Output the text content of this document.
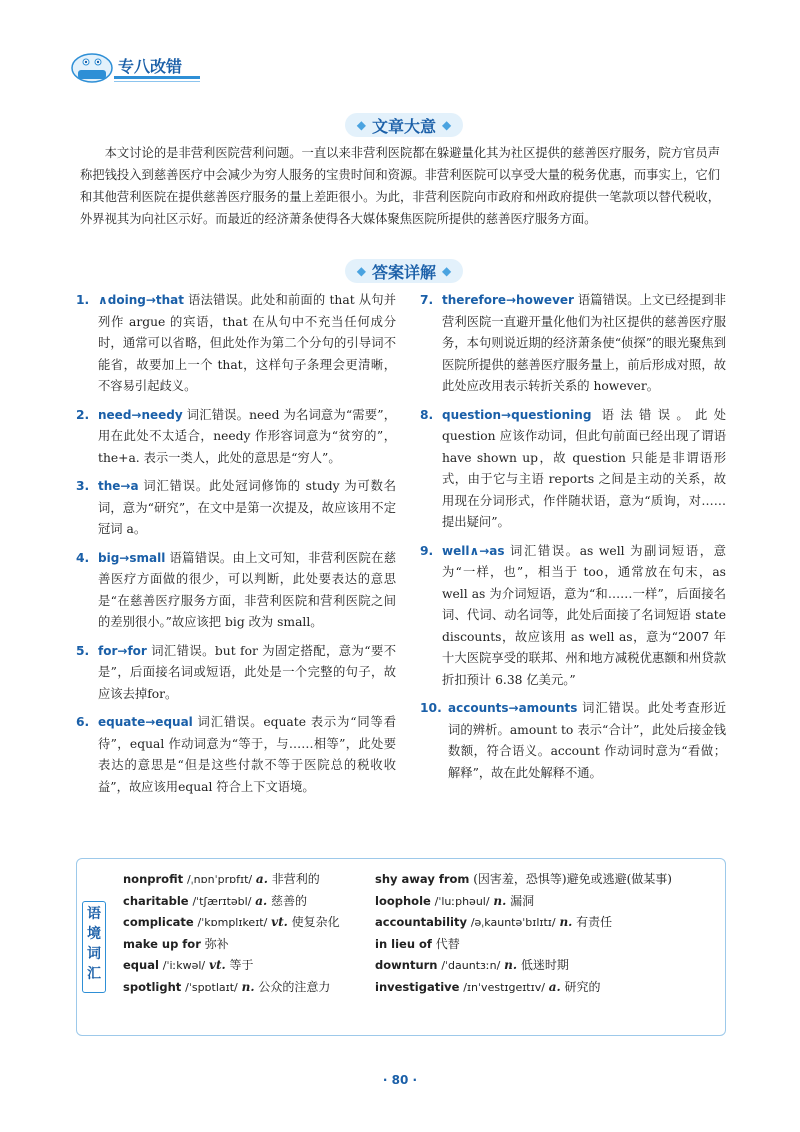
专八改错
◆ 文章大意 ◆
本文讨论的是非营利医院营利问题。一直以来非营利医院都在躲避量化其为社区提供的慈善医疗服务，院方官员声称把钱投入到慈善医疗中会减少为穷人服务的宝贵时间和资源。非营利医院可以享受大量的税务优惠，而事实上，它们和其他营利医院在提供慈善医疗服务的量上差距很小。为此，非营利医院向市政府和州政府提供一笔款项以替代税收，外界视其为向社区示好。而最近的经济萧条使得各大媒体聚焦医院所提供的慈善医疗服务方面。
◆ 答案详解 ◆
1. ∧doing→that 语法错误。此处和前面的 that 从句并列作 argue 的宾语，that 在从句中不充当任何成分时，通常可以省略，但此处作为第二个分句的引导词不能省，故要加上一个 that，这样句子条理会更清晰，不容易引起歧义。
2. need→needy 词汇错误。need 为名词意为“需要”，用在此处不太适合，needy 作形容词意为“贫穷的”，the+a. 表示一类人，此处的意思是“穷人”。
3. the→a 词汇错误。此处冠词修饰的 study 为可数名词，意为“研究”，在文中是第一次提及，故应该用不定冠词 a。
4. big→small 语篇错误。由上文可知，非营利医院在慈善医疗方面做的很少，可以判断，此处要表达的意思是“在慈善医疗服务方面，非营利医院和营利医院之间的差别很小。”故应该把 big 改为 small。
5. for→for 词汇错误。but for 为固定搭配，意为“要不是”，后面接名词或短语，此处是一个完整的句子，故应该去掉for。
6. equate→equal 词汇错误。equate 表示为“同等看待”，equal 作动词意为“等于，与……相等”，此处要表达的意思是“但是这些付款不等于医院总的税收收益”，故应该用equal 符合上下文语境。
7. therefore→however 语篇错误。上文已经提到非营利医院一直避开量化他们为社区提供的慈善医疗服务，本句则说近期的经济萧条使“侦探”的眼光聚焦到医院所提供的慈善医疗服务量上，前后形成对照，故此处应改用表示转折关系的 however。
8. question→questioning 语法错误。此处 question 应该作动词，但此句前面已经出现了谓语 have shown up，故 question 只能是非谓语形式，由于它与主语 reports 之间是主动的关系，故用现在分词形式，作伴随状语，意为“质询，对……提出疑问”。
9. well∧→as 词汇错误。as well 为副词短语，意为“一样，也”，相当于 too，通常放在句末，as well as 为介词短语，意为“和……一样”，后面接名词、代词、动名词等，此处后面接了名词短语 state discounts，故应该用 as well as，意为“2007 年十大医院享受的联邦、州和地方减税优惠额和州贷款折扣预计 6.38 亿美元。”
10. accounts→amounts 词汇错误。此处考查形近词的辨析。amount to 表示“合计”，此处后接金钱数额，符合语义。account 作动词时意为“看做；解释”，故在此处解释不通。
语境词汇
nonprofit /ˌnɒnˈprɒfɪt/ a. 非营利的
charitable /ˈtʃærɪtəbl/ a. 慈善的
complicate /ˈkɒmplɪkeɪt/ vt. 使复杂化
make up for 弥补
equal /ˈiːkwəl/ vt. 等于
spotlight /ˈspɒtlaɪt/ n. 公众的注意力
shy away from (因害羞，恐惧等)避免或逃避(做某事)
loophole /ˈluːphəul/ n. 漏洞
accountability /əˌkauntəˈbɪlɪtɪ/ n. 有责任
in lieu of 代替
downturn /ˈdauntɜːn/ n. 低迷时期
investigative /ɪnˈvestɪgeɪtɪv/ a. 研究的
· 80 ·
